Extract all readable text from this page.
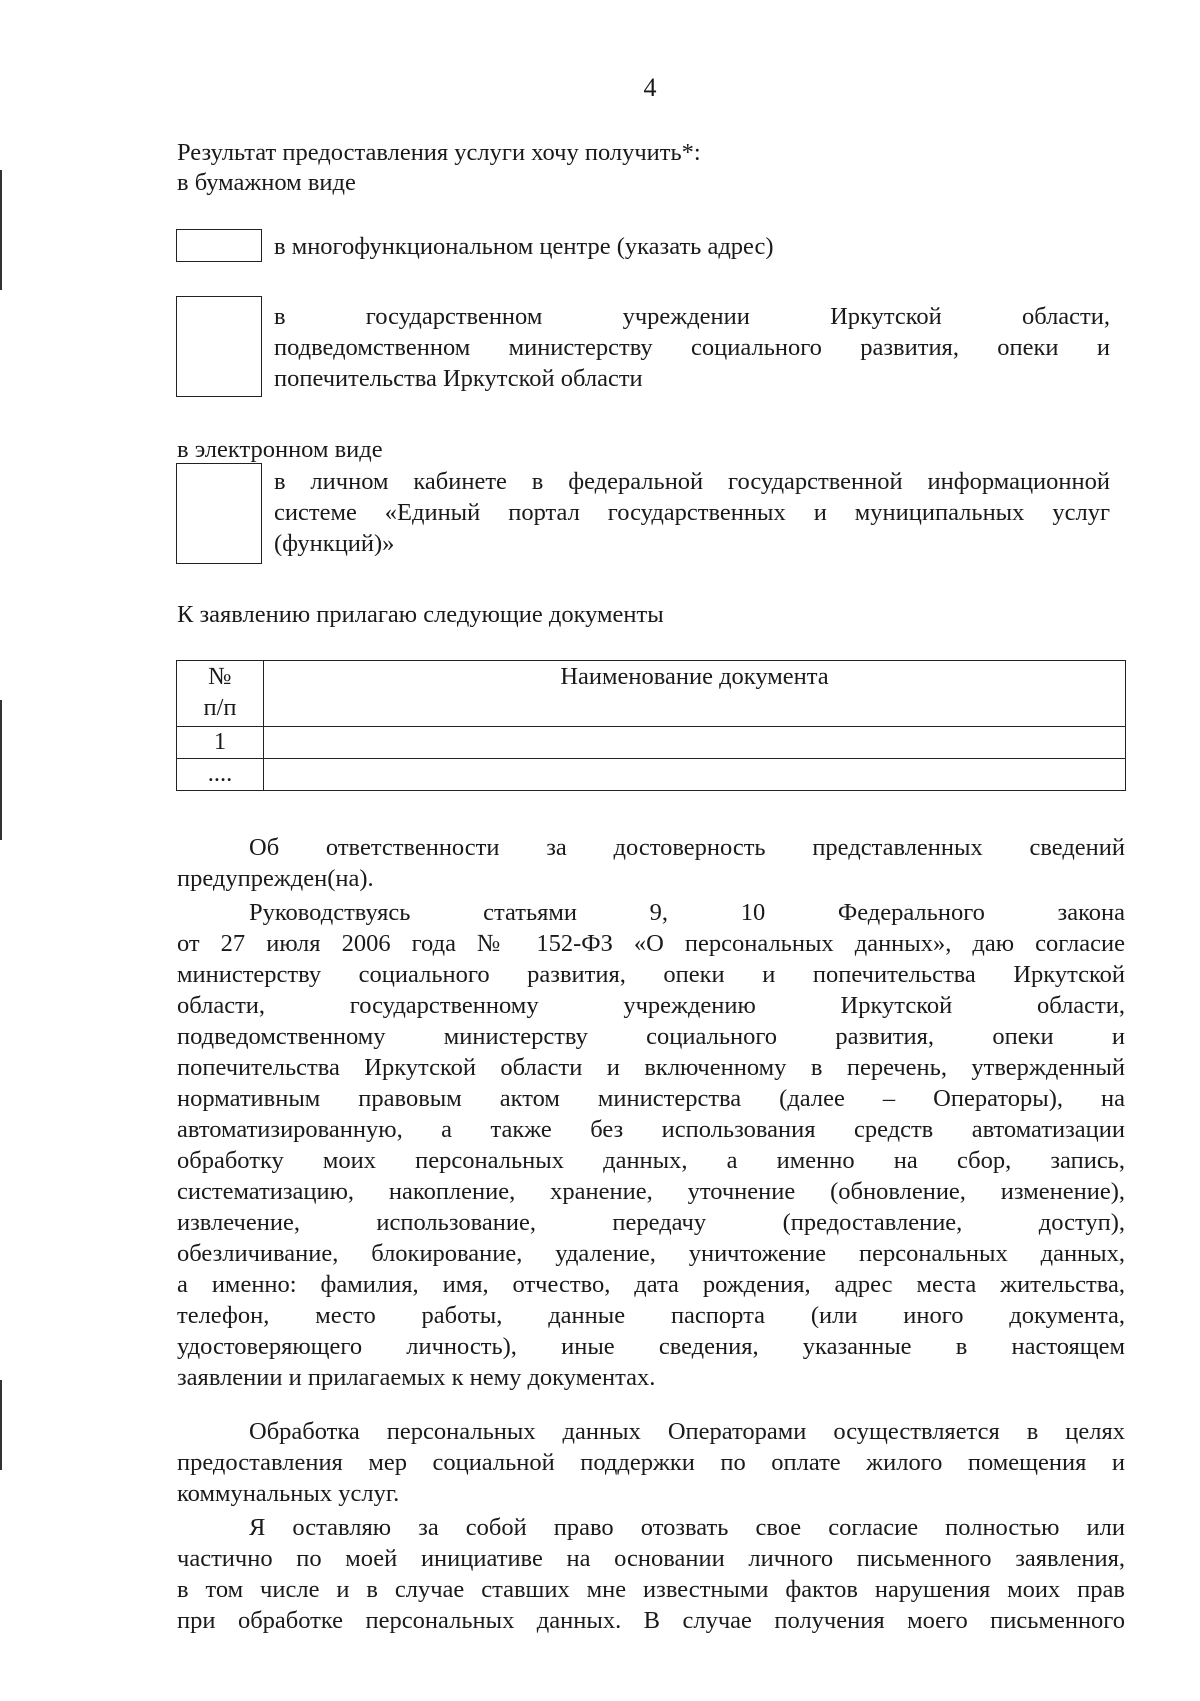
4
Результат предоставления услуги хочу получить*:
в бумажном виде
в многофункциональном центре (указать адрес)
в государственном учреждении Иркутской области,
подведомственном министерству социального развития, опеки и
попечительства Иркутской области
в электронном виде
в личном кабинете в федеральной государственной информационной
системе «Единый портал государственных и муниципальных услуг
(функций)»
К заявлению прилагаю следующие документы
№
п/п	Наименование документа
1	
....	
Об ответственности за достоверность представленных сведений
предупрежден(на).
Руководствуясь статьями 9, 10 Федерального закона
от 27 июля 2006 года № 152-ФЗ «О персональных данных», даю согласие
министерству социального развития, опеки и попечительства Иркутской
области, государственному учреждению Иркутской области,
подведомственному министерству социального развития, опеки и
попечительства Иркутской области и включенному в перечень, утвержденный
нормативным правовым актом министерства (далее – Операторы), на
автоматизированную, а также без использования средств автоматизации
обработку моих персональных данных, а именно на сбор, запись,
систематизацию, накопление, хранение, уточнение (обновление, изменение),
извлечение, использование, передачу (предоставление, доступ),
обезличивание, блокирование, удаление, уничтожение персональных данных,
а именно: фамилия, имя, отчество, дата рождения, адрес места жительства,
телефон, место работы, данные паспорта (или иного документа,
удостоверяющего личность), иные сведения, указанные в настоящем
заявлении и прилагаемых к нему документах.
Обработка персональных данных Операторами осуществляется в целях
предоставления мер социальной поддержки по оплате жилого помещения и
коммунальных услуг.
Я оставляю за собой право отозвать свое согласие полностью или
частично по моей инициативе на основании личного письменного заявления,
в том числе и в случае ставших мне известными фактов нарушения моих прав
при обработке персональных данных. В случае получения моего письменного
